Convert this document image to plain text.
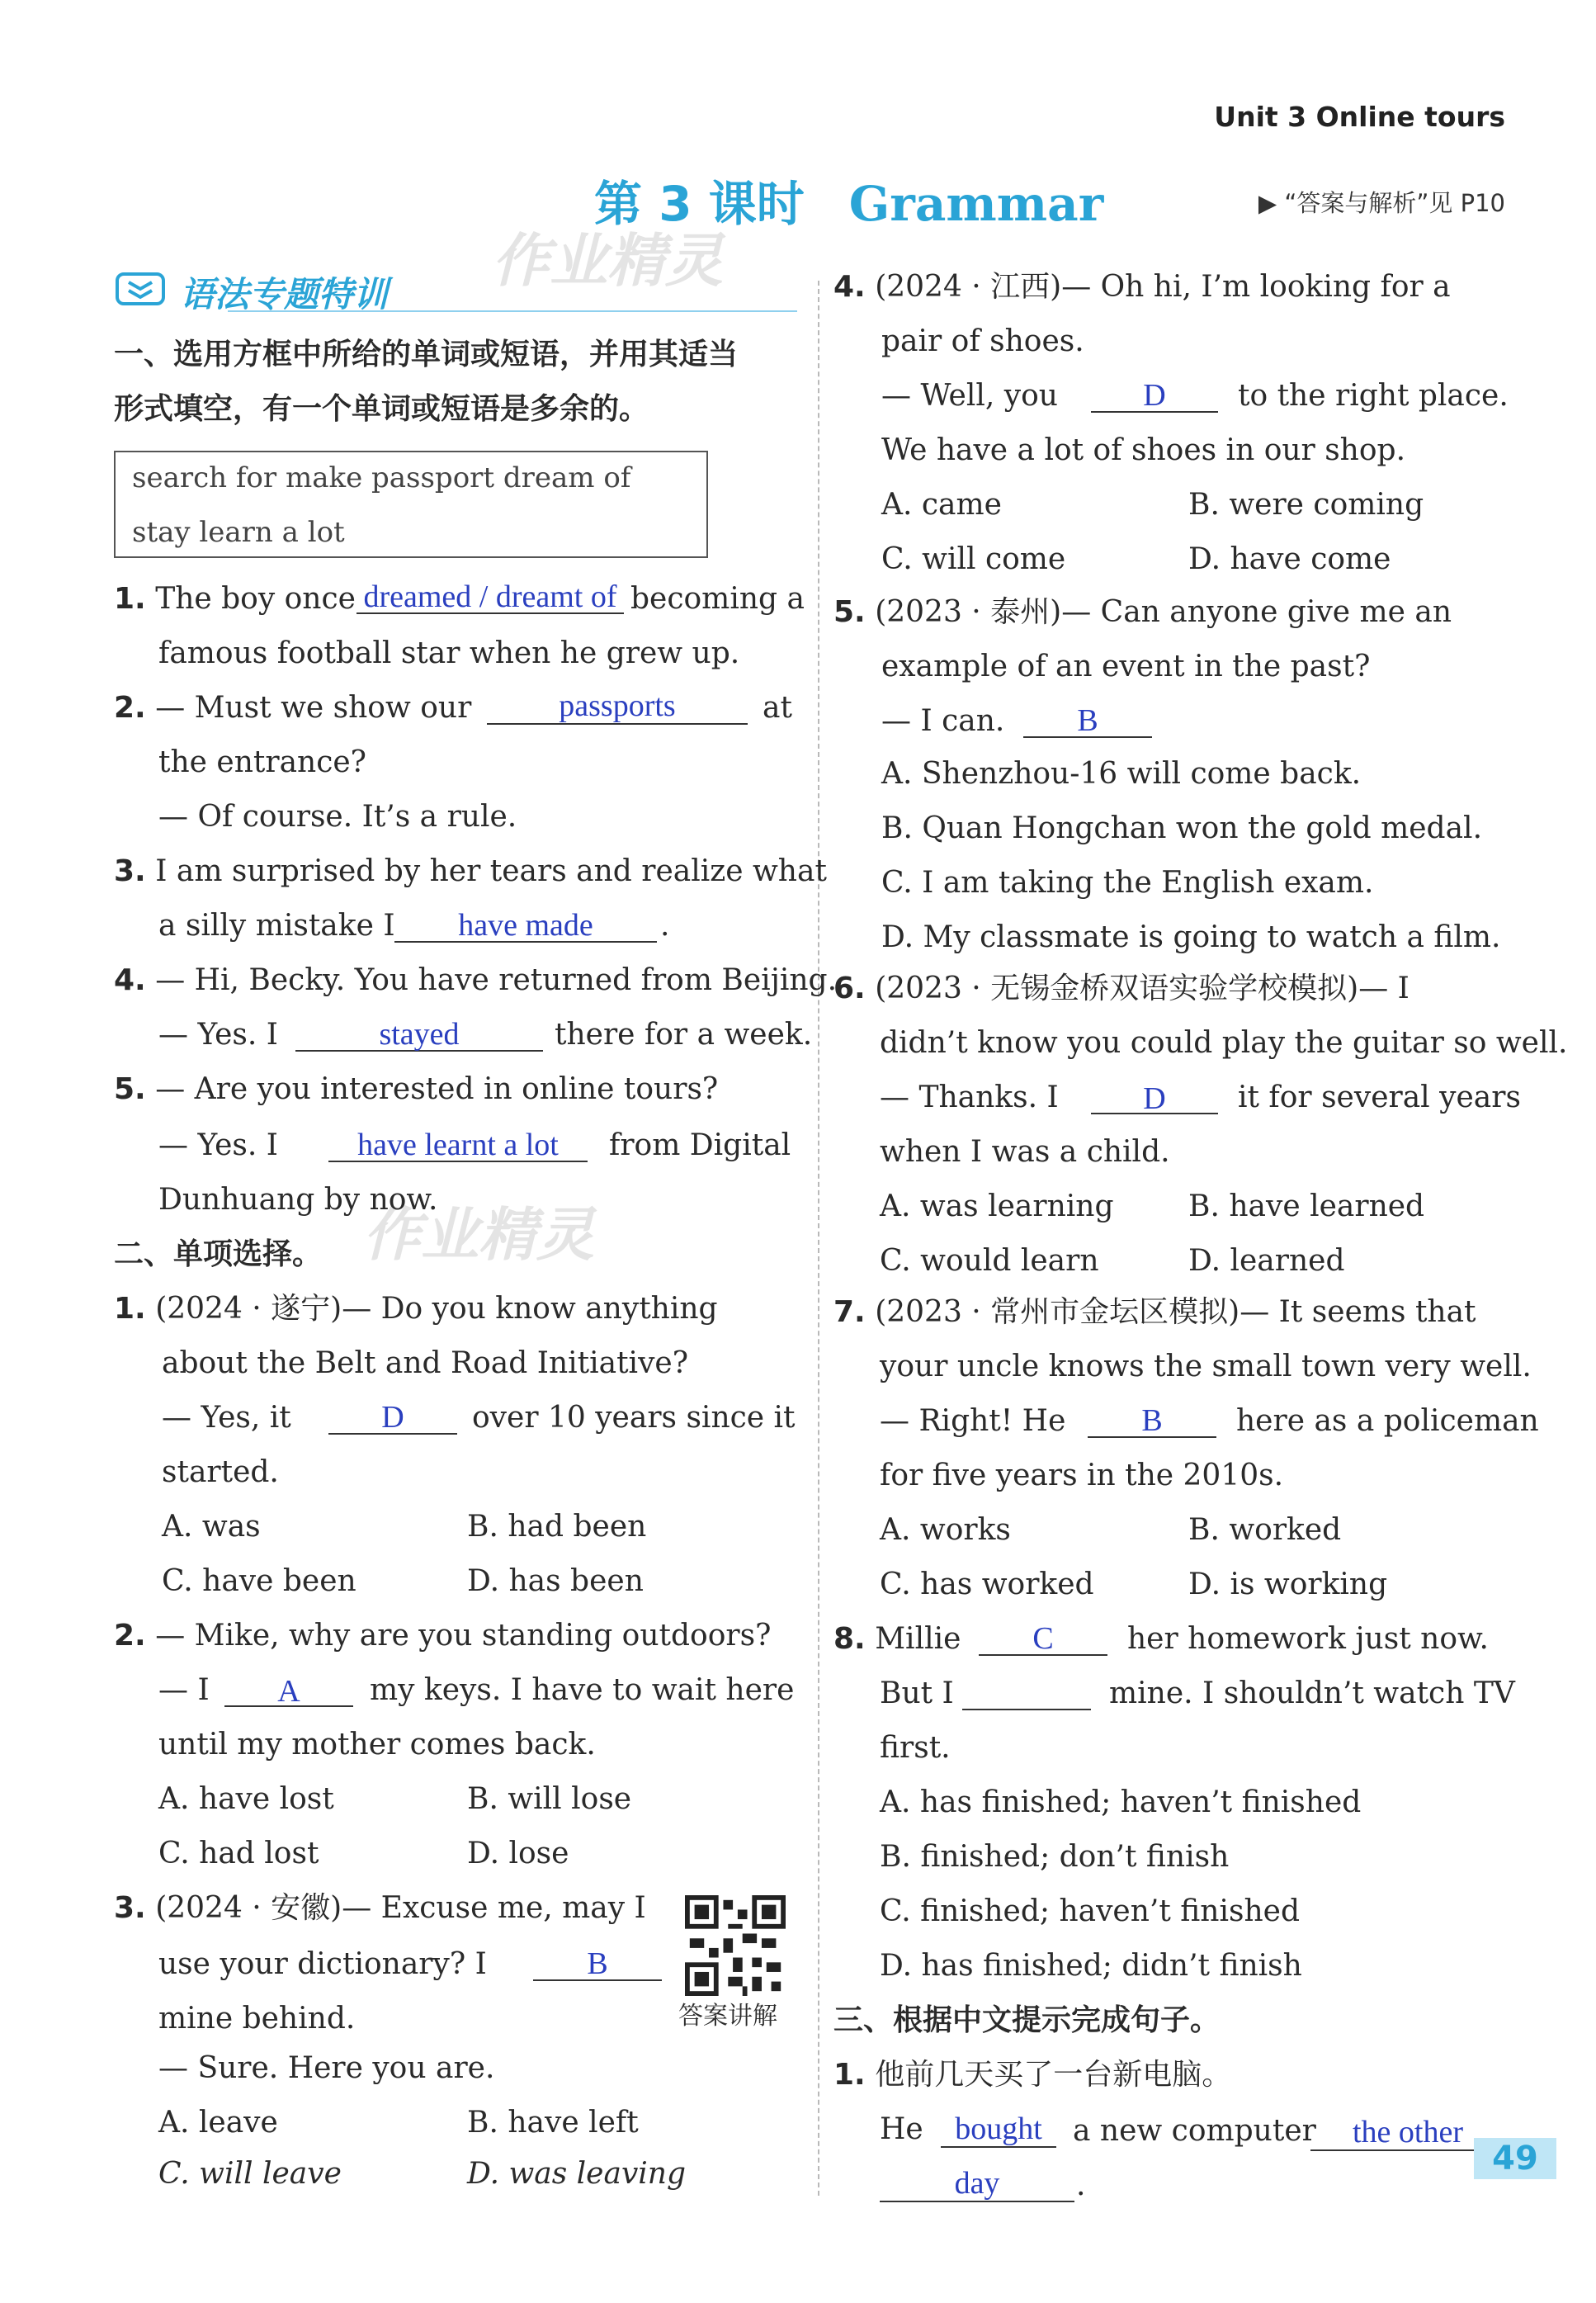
Unit 3 Online tours
第 3 课时 Grammar	▶ “答案与解析”见 P10
作业精灵
作业精灵
语法专题特训
一、选用方框中所给的单词或短语，并用其适当
形式填空，有一个单词或短语是多余的。
search for make passport dream of
stay learn a lot
1. The boy once dreamed / dreamt of becoming a
famous football star when he grew up.
2. — Must we show our	passports	at
the entrance?
— Of course. It’s a rule.
3. I am surprised by her tears and realize what
a silly mistake I	have made	.
4. — Hi, Becky. You have returned from Beijing.
— Yes. I	stayed	there for a week.
5. — Are you interested in online tours?
— Yes. I	have learnt a lot	from Digital
Dunhuang by now.
二、单项选择。
1. (2024 · 遂宁)— Do you know anything
about the Belt and Road Initiative?
— Yes, it	D	over 10 years since it
started.
A. was	B. had been
C. have been	D. has been
2. — Mike, why are you standing outdoors?
— I	A	my keys. I have to wait here
until my mother comes back.
A. have lost	B. will lose
C. had lost	D. lose
3. (2024 · 安徽)— Excuse me, may I
use your dictionary? I	B
mine behind.	答案讲解
— Sure. Here you are.
A. leave	B. have left
C. will leave	D. was leaving
4. (2024 · 江西)— Oh hi, I’m looking for a
pair of shoes.
— Well, you	D	to the right place.
We have a lot of shoes in our shop.
A. came	B. were coming
C. will come	D. have come
5. (2023 · 泰州)— Can anyone give me an
example of an event in the past?
— I can.	B
A. Shenzhou-16 will come back.
B. Quan Hongchan won the gold medal.
C. I am taking the English exam.
D. My classmate is going to watch a film.
6. (2023 · 无锡金桥双语实验学校模拟)— I
didn’t know you could play the guitar so well.
— Thanks. I	D	it for several years
when I was a child.
A. was learning	B. have learned
C. would learn	D. learned
7. (2023 · 常州市金坛区模拟)— It seems that
your uncle knows the small town very well.
— Right! He	B	here as a policeman
for five years in the 2010s.
A. works	B. worked
C. has worked	D. is working
8. Millie	C	her homework just now.
But I	mine. I shouldn’t watch TV
first.
A. has finished; haven’t finished
B. finished; don’t finish
C. finished; haven’t finished
D. has finished; didn’t finish
三、根据中文提示完成句子。
1. 他前几天买了一台新电脑。
He	bought	a new computer	the other
day	.
49
